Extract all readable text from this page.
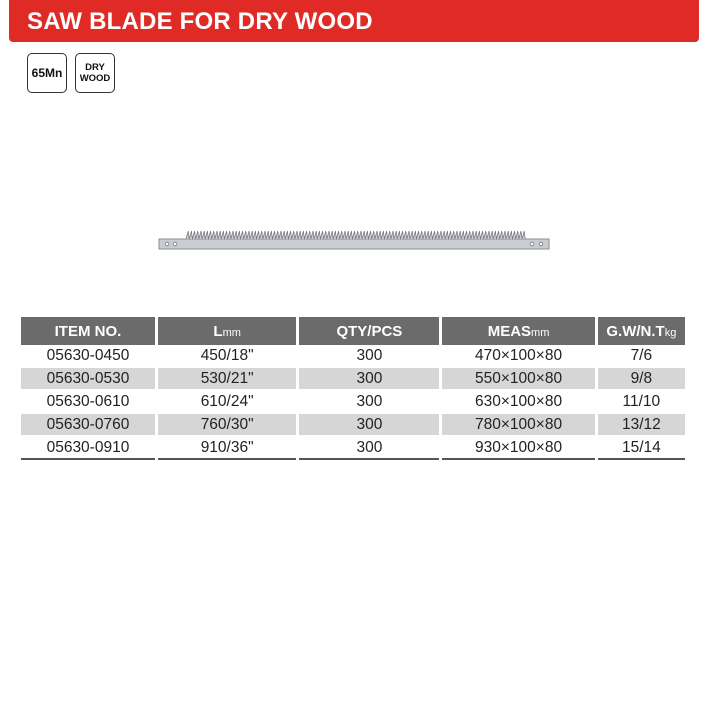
SAW BLADE FOR DRY WOOD
65Mn	DRY
WOOD
ITEM NO.	Lmm	QTY/PCS	MEASmm	G.W/N.Tkg
05630-0450	450/18"	300	470×100×80	7/6
05630-0530	530/21"	300	550×100×80	9/8
05630-0610	610/24"	300	630×100×80	11/10
05630-0760	760/30"	300	780×100×80	13/12
05630-0910	910/36"	300	930×100×80	15/14
